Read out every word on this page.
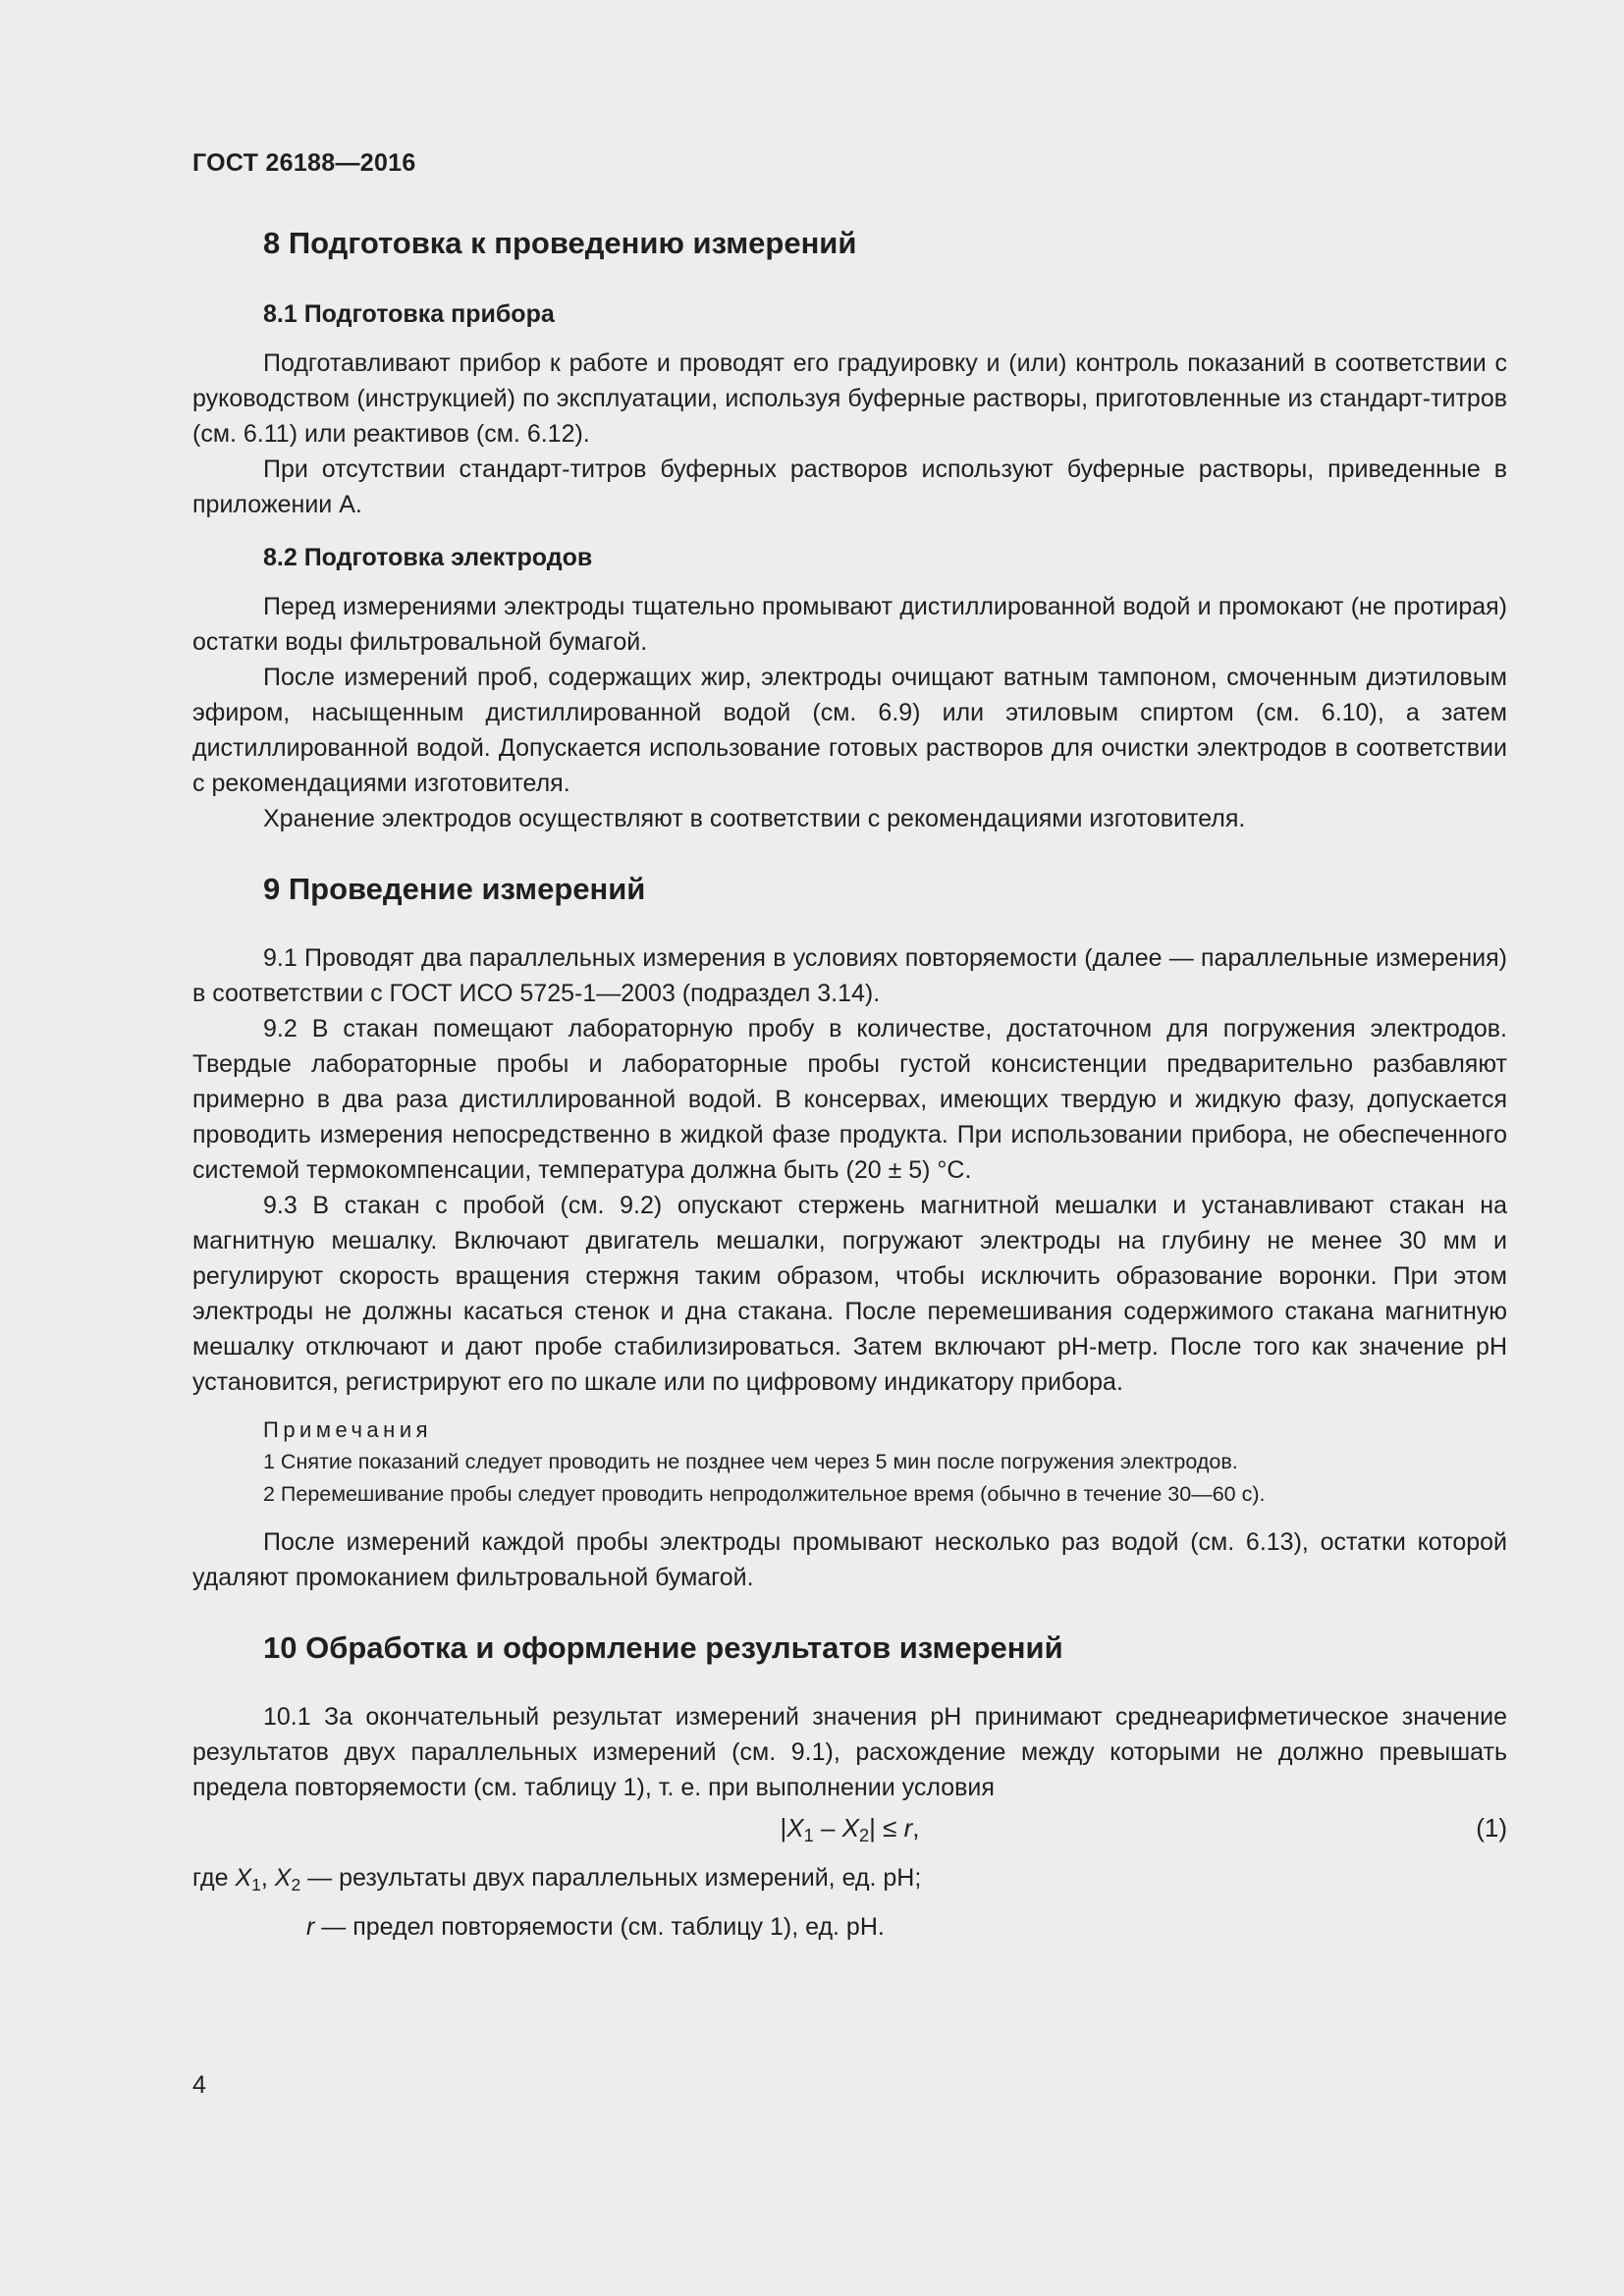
ГОСТ 26188—2016
8 Подготовка к проведению измерений
8.1 Подготовка прибора

Подготавливают прибор к работе и проводят его градуировку и (или) контроль показаний в соответствии с руководством (инструкцией) по эксплуатации, используя буферные растворы, приготовленные из стандарт-титров (см. 6.11) или реактивов (см. 6.12).

При отсутствии стандарт-титров буферных растворов используют буферные растворы, приведенные в приложении А.

8.2 Подготовка электродов

Перед измерениями электроды тщательно промывают дистиллированной водой и промокают (не протирая) остатки воды фильтровальной бумагой.

После измерений проб, содержащих жир, электроды очищают ватным тампоном, смоченным диэтиловым эфиром, насыщенным дистиллированной водой (см. 6.9) или этиловым спиртом (см. 6.10), а затем дистиллированной водой. Допускается использование готовых растворов для очистки электродов в соответствии с рекомендациями изготовителя.

Хранение электродов осуществляют в соответствии с рекомендациями изготовителя.

9 Проведение измерений

9.1 Проводят два параллельных измерения в условиях повторяемости (далее — параллельные измерения) в соответствии с ГОСТ ИСО 5725-1—2003 (подраздел 3.14).

9.2 В стакан помещают лабораторную пробу в количестве, достаточном для погружения электродов. Твердые лабораторные пробы и лабораторные пробы густой консистенции предварительно разбавляют примерно в два раза дистиллированной водой. В консервах, имеющих твердую и жидкую фазу, допускается проводить измерения непосредственно в жидкой фазе продукта. При использовании прибора, не обеспеченного системой термокомпенсации, температура должна быть (20 ± 5) °С.

9.3 В стакан с пробой (см. 9.2) опускают стержень магнитной мешалки и устанавливают стакан на магнитную мешалку. Включают двигатель мешалки, погружают электроды на глубину не менее 30 мм и регулируют скорость вращения стержня таким образом, чтобы исключить образование воронки. При этом электроды не должны касаться стенок и дна стакана. После перемешивания содержимого стакана магнитную мешалку отключают и дают пробе стабилизироваться. Затем включают рН-метр. После того как значение рН установится, регистрируют его по шкале или по цифровому индикатору прибора.

Примечания
1 Снятие показаний следует проводить не позднее чем через 5 мин после погружения электродов.
2 Перемешивание пробы следует проводить непродолжительное время (обычно в течение 30—60 с).

После измерений каждой пробы электроды промывают несколько раз водой (см. 6.13), остатки которой удаляют промоканием фильтровальной бумагой.

10 Обработка и оформление результатов измерений

10.1 За окончательный результат измерений значения рН принимают среднеарифметическое значение результатов двух параллельных измерений (см. 9.1), расхождение между которыми не должно превышать предела повторяемости (см. таблицу 1), т. е. при выполнении условия

$|X_1 - X_2| \le r$,	(1)
где $X_1$, $X_2$ — результаты двух параллельных измерений, ед. рН;
r — предел повторяемости (см. таблицу 1), ед. рН.
4
